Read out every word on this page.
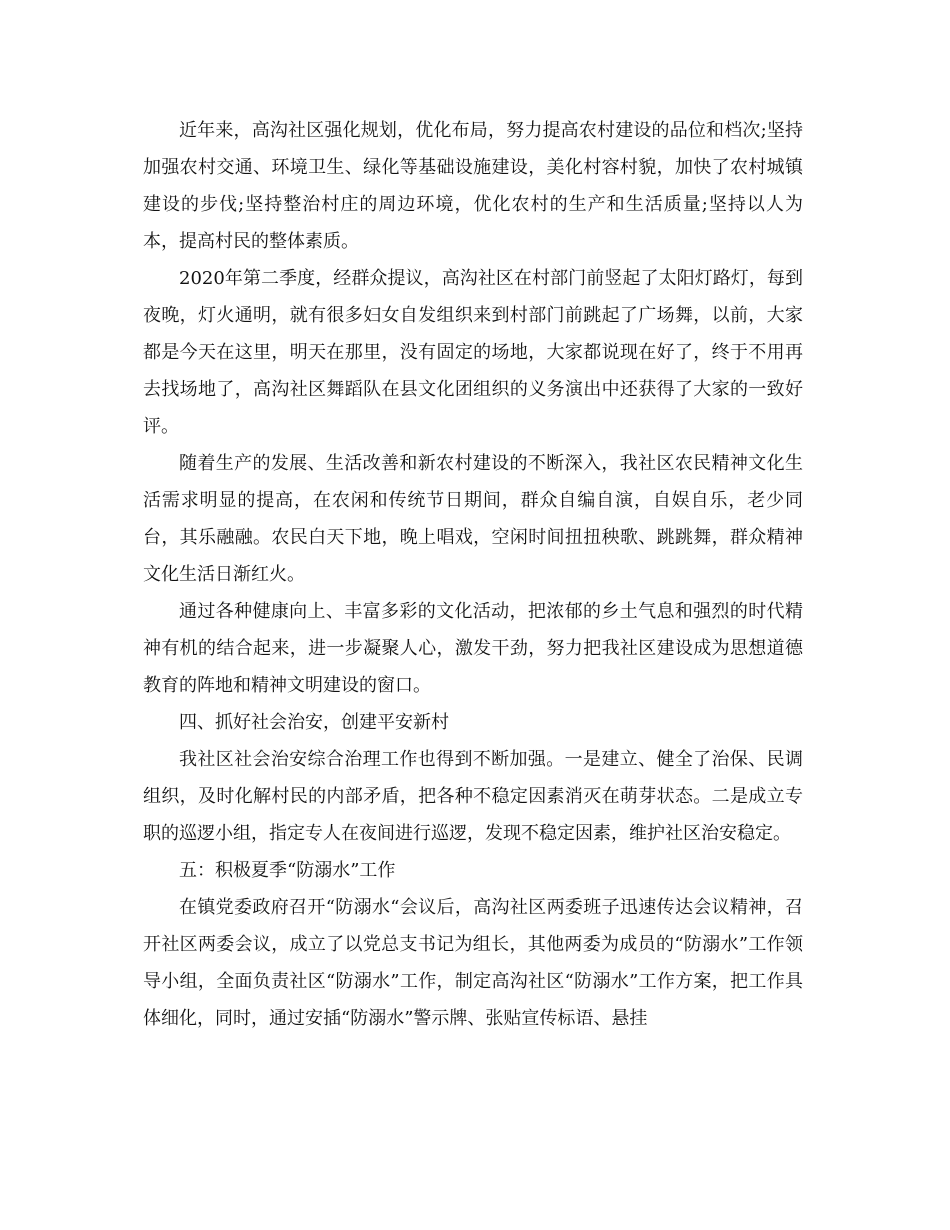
近年来，高沟社区强化规划，优化布局，努力提高农村建设的品位和档次;坚持加强农村交通、环境卫生、绿化等基础设施建设，美化村容村貌，加快了农村城镇建设的步伐;坚持整治村庄的周边环境，优化农村的生产和生活质量;坚持以人为本，提高村民的整体素质。

2020年第二季度，经群众提议，高沟社区在村部门前竖起了太阳灯路灯，每到夜晚，灯火通明，就有很多妇女自发组织来到村部门前跳起了广场舞，以前，大家都是今天在这里，明天在那里，没有固定的场地，大家都说现在好了，终于不用再去找场地了，高沟社区舞蹈队在县文化团组织的义务演出中还获得了大家的一致好评。

随着生产的发展、生活改善和新农村建设的不断深入，我社区农民精神文化生活需求明显的提高，在农闲和传统节日期间，群众自编自演，自娱自乐，老少同台，其乐融融。农民白天下地，晚上唱戏，空闲时间扭扭秧歌、跳跳舞，群众精神文化生活日渐红火。

通过各种健康向上、丰富多彩的文化活动，把浓郁的乡土气息和强烈的时代精神有机的结合起来，进一步凝聚人心，激发干劲，努力把我社区建设成为思想道德教育的阵地和精神文明建设的窗口。

四、抓好社会治安，创建平安新村

我社区社会治安综合治理工作也得到不断加强。一是建立、健全了治保、民调组织，及时化解村民的内部矛盾，把各种不稳定因素消灭在萌芽状态。二是成立专职的巡逻小组，指定专人在夜间进行巡逻，发现不稳定因素，维护社区治安稳定。

五：积极夏季“防溺水”工作

在镇党委政府召开“防溺水“会议后，高沟社区两委班子迅速传达会议精神，召开社区两委会议，成立了以党总支书记为组长，其他两委为成员的“防溺水”工作领导小组，全面负责社区“防溺水”工作，制定高沟社区“防溺水”工作方案，把工作具体细化，同时，通过安插“防溺水”警示牌、张贴宣传标语、悬挂
